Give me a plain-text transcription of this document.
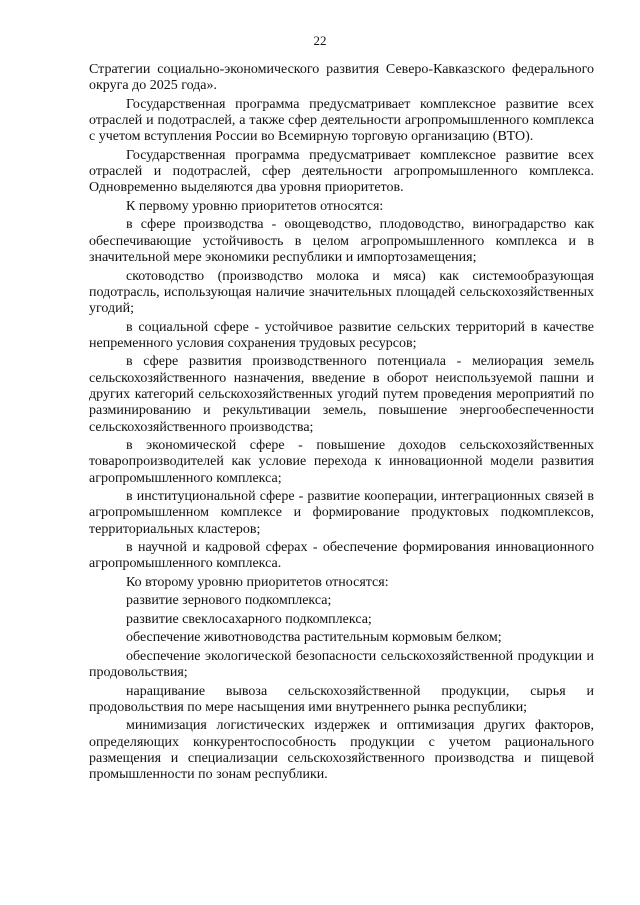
22

Стратегии социально-экономического развития Северо-Кавказского федерального округа до 2025 года».

Государственная программа предусматривает комплексное развитие всех отраслей и подотраслей, а также сфер деятельности агропромышленного комплекса с учетом вступления России во Всемирную торговую организацию (ВТО).

Государственная программа предусматривает комплексное развитие всех отраслей и подотраслей, сфер деятельности агропромышленного комплекса. Одновременно выделяются два уровня приоритетов.

К первому уровню приоритетов относятся:

в сфере производства - овощеводство, плодоводство, виноградарство как обеспечивающие устойчивость в целом агропромышленного комплекса и в значительной мере экономики республики и импортозамещения;

скотоводство (производство молока и мяса) как системообразующая подотрасль, использующая наличие значительных площадей сельскохозяйственных угодий;

в социальной сфере - устойчивое развитие сельских территорий в качестве непременного условия сохранения трудовых ресурсов;

в сфере развития производственного потенциала - мелиорация земель сельскохозяйственного назначения, введение в оборот неиспользуемой пашни и других категорий сельскохозяйственных угодий путем проведения мероприятий по разминированию и рекультивации земель, повышение энергообеспеченности сельскохозяйственного производства;

в экономической сфере - повышение доходов сельскохозяйственных товаропроизводителей как условие перехода к инновационной модели развития агропромышленного комплекса;

в институциональной сфере - развитие кооперации, интеграционных связей в агропромышленном комплексе и формирование продуктовых подкомплексов, территориальных кластеров;

в научной и кадровой сферах - обеспечение формирования инновационного агропромышленного комплекса.

Ко второму уровню приоритетов относятся:

развитие зернового подкомплекса;

развитие свеклосахарного подкомплекса;

обеспечение животноводства растительным кормовым белком;

обеспечение экологической безопасности сельскохозяйственной продукции и продовольствия;

наращивание вывоза сельскохозяйственной продукции, сырья и продовольствия по мере насыщения ими внутреннего рынка республики;

минимизация логистических издержек и оптимизация других факторов, определяющих конкурентоспособность продукции с учетом рационального размещения и специализации сельскохозяйственного производства и пищевой промышленности по зонам республики.
